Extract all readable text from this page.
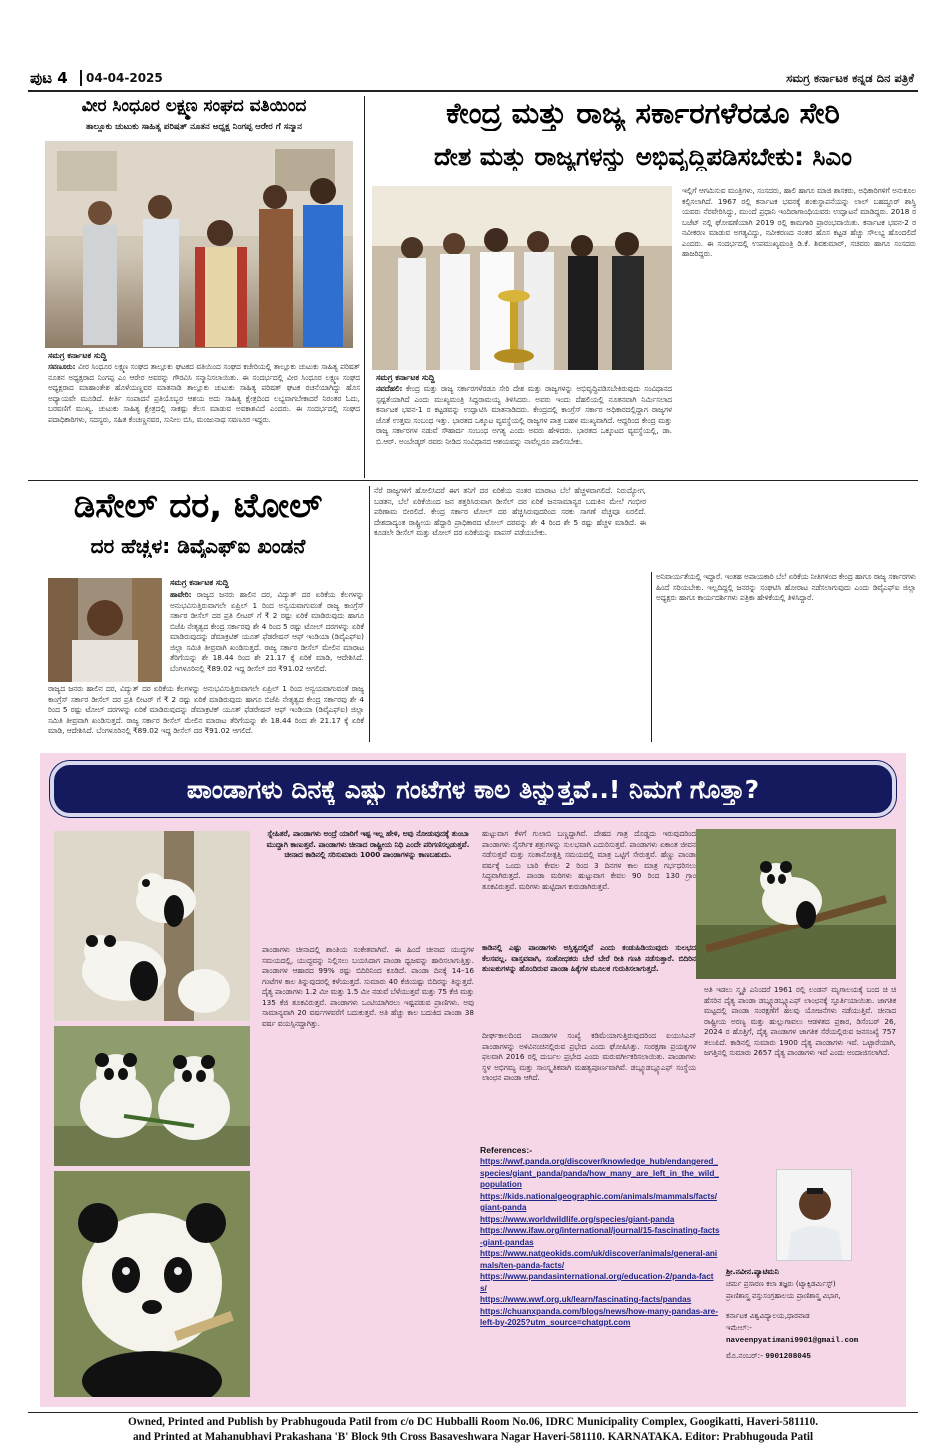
ಪುಟ 4 04-04-2025	ಸಮಗ್ರ ಕರ್ನಾಟಕ ಕನ್ನಡ ದಿನ ಪತ್ರಿಕೆ
ವೀರ ಸಿಂಧೂರ ಲಕ್ಷ್ಮಣ ಸಂಘದ ವತಿಯಿಂದ
ತಾಲ್ಲೂಕು ಚುಟುಕು ಸಾಹಿತ್ಯ ಪರಿಷತ್ ನೂತನ ಅಧ್ಯಕ್ಷ ನಿಂಗಪ್ಪ ಆರೇರ ಗೆ ಸನ್ಮಾನ
ಸಮಗ್ರ ಕರ್ನಾಟಕ ಸುದ್ದಿ
ಸವಣೂರು: ವೀರ ಸಿಂಧೂರ ಲಕ್ಷ್ಮಣ ಸಂಘದ ತಾಲ್ಲೂಕು ಘಟಕದ ವತಿಯಿಂದ ಸಂಘದ ಕಚೇರಿಯಲ್ಲಿ ತಾಲ್ಲೂಕು ಚುಟುಕು ಸಾಹಿತ್ಯ ಪರಿಷತ್ ನೂತನ ಅಧ್ಯಕ್ಷರಾದ ನಿಂಗಪ್ಪ ಎಂ ಆರೇರ ಅವರನ್ನು ಗೌರವಿಸಿ ಸನ್ಮಾನಿಸಲಾಯಿತು. ಈ ಸಂದರ್ಭದಲ್ಲಿ ವೀರ ಸಿಂಧೂರ ಲಕ್ಷ್ಮಣ ಸಂಘದ ಅಧ್ಯಕ್ಷರಾದ ಮಾಹಾಂತೇಶ ಹೊಳೆಯಣ್ಣವರ ಮಾತನಾಡಿ ತಾಲ್ಲೂಕು ಚುಟುಕು ಸಾಹಿತ್ಯ ಪರಿಷತ್ ಘಟಕ ರಚನೆಯಾಗಿದ್ದು ಹೊಸ ಅಧ್ಯಾಯವೇ ಮೂಡಿದೆ. ಕೀರ್ತಿ ಸಂಪಾದನೆ ಪ್ರತಿಯೊಬ್ಬರ ಆಶಯ ಅದು ಸಾಹಿತ್ಯ ಕ್ಷೇತ್ರದಿಂದ ಲಭ್ಯವಾಗಬೇಕಾದರೆ ನಿರಂತರ ಓದು, ಬರವಣಿಗೆ ಮುಖ್ಯ. ಚುಟುಕು ಸಾಹಿತ್ಯ ಕ್ಷೇತ್ರದಲ್ಲಿ ಸಾಕಷ್ಟು ಕೆಲಸ ಮಾಡುವ ಅವಕಾಶವಿದೆ ಎಂದರು. ಈ ಸಂದರ್ಭದಲ್ಲಿ ಸಂಘದ ಪದಾಧಿಕಾರಿಗಳು, ಸದಸ್ಯರು, ಸಹಿತ ಕೆಂಚಣ್ಣನವರ, ಸುನೀಲ ಬಿಸಿ, ಮಂಜುನಾಥ ಸವಣೂರ ಇದ್ದರು.
ಕೇಂದ್ರ ಮತ್ತು ರಾಜ್ಯ ಸರ್ಕಾರಗಳೆರಡೂ ಸೇರಿ
ದೇಶ ಮತ್ತು ರಾಜ್ಯಗಳನ್ನು ಅಭಿವೃದ್ಧಿಪಡಿಸಬೇಕು: ಸಿಎಂ
ಸಮಗ್ರ ಕರ್ನಾಟಕ ಸುದ್ದಿ
ನವದೆಹಲಿ: ಕೇಂದ್ರ ಮತ್ತು ರಾಜ್ಯ ಸರ್ಕಾರಗಳೆರಡೂ ಸೇರಿ ದೇಶ ಮತ್ತು ರಾಜ್ಯಗಳನ್ನು ಅಭಿವೃದ್ಧಿಪಡಿಸಬೇಕಿರುವುದು ಸಂವಿಧಾನದ ಸ್ಪಷ್ಟತೆಯಾಗಿದೆ ಎಂದು ಮುಖ್ಯಮಂತ್ರಿ ಸಿದ್ದರಾಮಯ್ಯ ತಿಳಿಸಿದರು. ಅವರು ಇಂದು ದೆಹಲಿಯಲ್ಲಿ ನೂತನವಾಗಿ ನಿರ್ಮಿಸಲಾದ ಕರ್ನಾಟಕ ಭವನ-1 ರ ಕಟ್ಟಡವನ್ನು ಉದ್ಘಾಟಿಸಿ ಮಾತನಾಡಿದರು. ಕೇಂದ್ರದಲ್ಲಿ ಕಾಂಗ್ರೆಸ್ ಸರ್ಕಾರ ಅಧಿಕಾರದಲ್ಲಿದ್ದಾಗ ರಾಜ್ಯಗಳ ಜೊತೆ ಉತ್ತಮ ಸಂಬಂಧ ಇತ್ತು. ಭಾರತದ ಒಕ್ಕೂಟ ವ್ಯವಸ್ಥೆಯಲ್ಲಿ ರಾಜ್ಯಗಳ ಪಾತ್ರ ಬಹಳ ಮುಖ್ಯವಾಗಿದೆ. ಆದ್ದರಿಂದ ಕೇಂದ್ರ ಮತ್ತು ರಾಜ್ಯ ಸರ್ಕಾರಗಳ ನಡುವೆ ಸೌಹಾರ್ದ ಸಂಬಂಧ ಅಗತ್ಯ ಎಂದು ಅವರು ಹೇಳಿದರು. ಭಾರತದ ಒಕ್ಕೂಟದ ವ್ಯವಸ್ಥೆಯಲ್ಲಿ, ಡಾ. ಬಿ.ಆರ್. ಅಂಬೇಡ್ಕರ್ ರವರು ನೀಡಿದ ಸಂವಿಧಾನದ ಆಶಯವನ್ನು ನಾವೆಲ್ಲರೂ ಪಾಲಿಸಬೇಕು.
ಇಲ್ಲಿಗೆ ಆಗಮಿಸುವ ಮಂತ್ರಿಗಳು, ಸಂಸದರು, ಹಾಲಿ ಹಾಗೂ ಮಾಜಿ ಶಾಸಕರು, ಅಧಿಕಾರಿಗಳಿಗೆ ಅನುಕೂಲ ಕಲ್ಪಿಸಲಾಗಿದೆ. 1967 ರಲ್ಲಿ ಕರ್ನಾಟಕ ಭವನಕ್ಕೆ ಶಂಕುಸ್ಥಾಪನೆಯನ್ನು ಲಾಲ್ ಬಹದ್ದೂರ್ ಶಾಸ್ತ್ರಿ ಯವರು ನೆರವೇರಿಸಿದ್ದು, ಮುಂದೆ ಪ್ರಧಾನಿ ಇಂದಿರಾಗಾಂಧಿಯವರು ಉದ್ಘಾಟನೆ ಮಾಡಿದ್ದರು. 2018 ರ ಬಜೆಟ್ ನಲ್ಲಿ ಘೋಷಣೆಯಾಗಿ 2019 ರಲ್ಲಿ ಕಾಮಗಾರಿ ಪ್ರಾರಂಭವಾಯಿತು. ಕರ್ನಾಟಕ ಭವನ-2 ರ ನವೀಕರಣ ಮಾಡುವ ಅಗತ್ಯವಿದ್ದು, ನವೀಕರಣದ ನಂತರ ಹೊಸ ಕಟ್ಟಡ ಹೆಚ್ಚು ಸೌಲಭ್ಯ ಹೊಂದಲಿದೆ ಎಂದರು. ಈ ಸಂದರ್ಭದಲ್ಲಿ ಉಪಮುಖ್ಯಮಂತ್ರಿ ಡಿ.ಕೆ. ಶಿವಕುಮಾರ್, ಸಚಿವರು ಹಾಗೂ ಸಂಸದರು ಹಾಜರಿದ್ದರು.
ಡಿಸೇಲ್ ದರ, ಟೋಲ್
ದರ ಹೆಚ್ಚಳ: ಡಿವೈಎಫ್‌ಐ ಖಂಡನೆ
ಸಮಗ್ರ ಕರ್ನಾಟಕ ಸುದ್ದಿ
ಹಾವೇರಿ: ರಾಜ್ಯದ ಜನರು ಹಾಲಿನ ದರ, ವಿದ್ಯುತ್ ದರ ಏರಿಕೆಯ ಕೆಲಗಳನ್ನು ಅನುಭವಿಸುತ್ತಿರುವಾಗಲೇ ಏಪ್ರಿಲ್ 1 ರಿಂದ ಅನ್ವಯವಾಗುವಂತೆ ರಾಜ್ಯ ಕಾಂಗ್ರೆಸ್ ಸರ್ಕಾರ ಡೀಸೆಲ್ ದರ ಪ್ರತಿ ಲೀಟರ್ ಗೆ ₹ 2 ರಷ್ಟು ಏರಿಕೆ ಮಾಡಿರುವುದು ಹಾಗೂ ಬಿಜೆಪಿ ನೇತೃತ್ವದ ಕೇಂದ್ರ ಸರ್ಕಾರವು ಶೇ 4 ರಿಂದ 5 ರಷ್ಟು ಟೋಲ್ ದರಗಳನ್ನು ಏರಿಕೆ ಮಾಡಿರುವುದನ್ನು ಡೆಮಾಕ್ರಟಿಕ್ ಯೂತ್ ಫೆಡರೇಷನ್ ಆಫ್ ಇಂಡಿಯಾ (ಡಿವೈಎಫ್‌ಐ) ಜಿಲ್ಲಾ ಸಮಿತಿ ತೀವ್ರವಾಗಿ ಖಂಡಿಸುತ್ತದೆ. ರಾಜ್ಯ ಸರ್ಕಾರ ಡೀಸೆಲ್ ಮೇಲಿನ ಮಾರಾಟ ತೆರಿಗೆಯನ್ನು ಶೇ 18.44 ರಿಂದ ಶೇ 21.17 ಕ್ಕೆ ಏರಿಕೆ ಮಾಡಿ, ಆದೇಶಿಸಿದೆ. ಬೆಂಗಳೂರಿನಲ್ಲಿ ₹89.02 ಇದ್ದ ಡೀಸೆಲ್ ದರ ₹91.02 ಆಗಲಿದೆ.
ರಾಜ್ಯದ ಜನರು ಹಾಲಿನ ದರ, ವಿದ್ಯುತ್ ದರ ಏರಿಕೆಯ ಕೆಲಗಳನ್ನು ಅನುಭವಿಸುತ್ತಿರುವಾಗಲೇ ಏಪ್ರಿಲ್ 1 ರಿಂದ ಅನ್ವಯವಾಗುವಂತೆ ರಾಜ್ಯ ಕಾಂಗ್ರೆಸ್ ಸರ್ಕಾರ ಡೀಸೆಲ್ ದರ ಪ್ರತಿ ಲೀಟರ್ ಗೆ ₹ 2 ರಷ್ಟು ಏರಿಕೆ ಮಾಡಿರುವುದು ಹಾಗೂ ಬಿಜೆಪಿ ನೇತೃತ್ವದ ಕೇಂದ್ರ ಸರ್ಕಾರವು ಶೇ 4 ರಿಂದ 5 ರಷ್ಟು ಟೋಲ್ ದರಗಳನ್ನು ಏರಿಕೆ ಮಾಡಿರುವುದನ್ನು ಡೆಮಾಕ್ರಟಿಕ್ ಯೂತ್ ಫೆಡರೇಷನ್ ಆಫ್ ಇಂಡಿಯಾ (ಡಿವೈಎಫ್‌ಐ) ಜಿಲ್ಲಾ ಸಮಿತಿ ತೀವ್ರವಾಗಿ ಖಂಡಿಸುತ್ತದೆ. ರಾಜ್ಯ ಸರ್ಕಾರ ಡೀಸೆಲ್ ಮೇಲಿನ ಮಾರಾಟ ತೆರಿಗೆಯನ್ನು ಶೇ 18.44 ರಿಂದ ಶೇ 21.17 ಕ್ಕೆ ಏರಿಕೆ ಮಾಡಿ, ಆದೇಶಿಸಿದೆ. ಬೆಂಗಳೂರಿನಲ್ಲಿ ₹89.02 ಇದ್ದ ಡೀಸೆಲ್ ದರ ₹91.02 ಆಗಲಿದೆ.
ನೆರೆ ರಾಜ್ಯಗಳಿಗೆ ಹೋಲಿಸಿದರೆ ಈಗ ತನಿಗೆ ದರ ಏರಿಕೆಯ ನಂತರ ಮಾರಾಟ ಬೆಲೆ ಹೆಚ್ಚಳವಾಗಲಿದೆ. ನಿರುದ್ಯೋಗ, ಬಡತನ, ಬೆಲೆ ಏರಿಕೆಯಿಂದ ಜನ ತತ್ತರಿಸಿರುವಾಗ ಡೀಸೆಲ್ ದರ ಏರಿಕೆ ಜನಸಾಮಾನ್ಯರ ಬದುಕಿನ ಮೇಲೆ ಗಂಭೀರ ಪರಿಣಾಮ ಬೀರಲಿದೆ. ಕೇಂದ್ರ ಸರ್ಕಾರ ಟೋಲ್ ದರ ಹೆಚ್ಚಿಸಿರುವುದರಿಂದ ಸರಕು ಸಾಗಣೆ ವೆಚ್ಚವೂ ಏರಲಿದೆ. ದೇಶದಾದ್ಯಂತ ರಾಷ್ಟ್ರೀಯ ಹೆದ್ದಾರಿ ಪ್ರಾಧಿಕಾರದ ಟೋಲ್ ದರವನ್ನು ಶೇ 4 ರಿಂದ ಶೇ 5 ರಷ್ಟು ಹೆಚ್ಚಳ ಮಾಡಿದೆ. ಈ ಕೂಡಲೇ ಡೀಸೆಲ್ ಮತ್ತು ಟೋಲ್ ದರ ಏರಿಕೆಯನ್ನು ವಾಪಸ್ ಪಡೆಯಬೇಕು.
ಅನಿವಾರ್ಯತೆಯಲ್ಲಿ ಇದ್ದಾರೆ. ಇಂತಹ ಅಪಾಯಕಾರಿ ಬೆಲೆ ಏರಿಕೆಯ ನೀತಿಗಳಿಂದ ಕೇಂದ್ರ ಹಾಗೂ ರಾಜ್ಯ ಸರ್ಕಾರಗಳು ಹಿಂದೆ ಸರಿಯಬೇಕು. ಇಲ್ಲದಿದ್ದಲ್ಲಿ ಜನರನ್ನು ಸಂಘಟಿಸಿ ಹೋರಾಟ ನಡೆಸಲಾಗುವುದು ಎಂದು ಡಿವೈಎಫ್‌ಐ ಜಿಲ್ಲಾ ಅಧ್ಯಕ್ಷರು ಹಾಗೂ ಕಾರ್ಯದರ್ಶಿಗಳು ಪತ್ರಿಕಾ ಹೇಳಿಕೆಯಲ್ಲಿ ತಿಳಿಸಿದ್ದಾರೆ.
ಪಾಂಡಾಗಳು ದಿನಕ್ಕೆ ಎಷ್ಟು ಗಂಟೆಗಳ ಕಾಲ ತಿನ್ನುತ್ತವೆ..! ನಿಮಗೆ ಗೊತ್ತಾ?
ಸ್ನೇಹಿತರೆ, ಪಾಂಡಾಗಳು ಅಂದ್ರೆ ಯಾರಿಗೆ ಇಷ್ಟ ಇಲ್ಲ ಹೇಳಿ, ಅವು ನೋಡುವುದಕ್ಕೆ ತುಂಬಾ ಮುದ್ದಾಗಿ ಕಾಣುತ್ತವೆ. ಪಾಂಡಾಗಳು ಚೀನಾದ ರಾಷ್ಟ್ರೀಯ ನಿಧಿ ಎಂದೇ ಪರಿಗಣಿಸಲ್ಪಡುತ್ತವೆ. ಚೀನಾದ ಕಾಡಿನಲ್ಲಿ ಸರಿಸುಮಾರು 1000 ಪಾಂಡಾಗಳನ್ನು ಕಾಣಬಹುದು.
ಪಾಂಡಾಗಳು ಚೀನಾದಲ್ಲಿ ಶಾಂತಿಯ ಸಂಕೇತವಾಗಿವೆ. ಈ ಹಿಂದೆ ಚೀನಾದ ಯುದ್ಧಗಳ ಸಮಯದಲ್ಲಿ, ಯುದ್ಧವನ್ನು ನಿಲ್ಲಿಸಲು ಬಯಸಿದಾಗ ಪಾಂಡಾ ಧ್ವಜವನ್ನು ಹಾರಿಸಲಾಗುತ್ತಿತ್ತು. ಪಾಂಡಾಗಳ ಆಹಾರದ 99% ರಷ್ಟು ಬಿದಿರಿನಿಂದ ಕೂಡಿದೆ. ಪಾಂಡಾ ದಿನಕ್ಕೆ 14–16 ಗಂಟೆಗಳ ಕಾಲ ತಿನ್ನುವುದರಲ್ಲಿ ಕಳೆಯುತ್ತದೆ. ಸುಮಾರು 40 ಕೆಜಿಯಷ್ಟು ಬಿದಿರನ್ನು ತಿನ್ನುತ್ತದೆ. ದೈತ್ಯ ಪಾಂಡಾಗಳು 1.2 ಮೀ ಮತ್ತು 1.5 ಮೀ ನಡುವೆ ಬೆಳೆಯುತ್ತವೆ ಮತ್ತು 75 ಕೆಜಿ ಮತ್ತು 135 ಕೆಜಿ ತೂಕವಿರುತ್ತವೆ. ಪಾಂಡಾಗಳು ಒಂಟಿಯಾಗಿರಲು ಇಷ್ಟಪಡುವ ಪ್ರಾಣಿಗಳು. ಅವು ಸಾಮಾನ್ಯವಾಗಿ 20 ವರ್ಷಗಳವರೆಗೆ ಬದುಕುತ್ತವೆ. ಅತಿ ಹೆಚ್ಚು ಕಾಲ ಬದುಕಿದ ಪಾಂಡಾ 38 ವರ್ಷ ವಯಸ್ಸಿನದ್ದಾಗಿತ್ತು.
ಹುಟ್ಟುವಾಗ ಕೆಳಗೆ ಗುಲಾಬಿ ಬಣ್ಣದ್ದಾಗಿವೆ. ದೇಹದ ಗಾತ್ರ ದೊಡ್ಡದು ಇರುವುದರಿಂದ ಪಾಂಡಾಗಳು ನೈಸರ್ಗಿಕ ಶತ್ರುಗಳನ್ನು ಸುಲಭವಾಗಿ ಎದುರಿಸುತ್ತವೆ. ಪಾಂಡಾಗಳು ಏಕಾಂತ ಜೀವನ ನಡೆಸುತ್ತವೆ ಮತ್ತು ಸಂತಾನೋತ್ಪತ್ತಿ ಸಮಯದಲ್ಲಿ ಮಾತ್ರ ಒಟ್ಟಿಗೆ ಸೇರುತ್ತವೆ. ಹೆಣ್ಣು ಪಾಂಡಾ ವರ್ಷಕ್ಕೆ ಒಂದು ಬಾರಿ ಕೇವಲ 2 ರಿಂದ 3 ದಿನಗಳ ಕಾಲ ಮಾತ್ರ ಗರ್ಭಧರಿಸಲು ಸಿದ್ಧವಾಗಿರುತ್ತದೆ. ಪಾಂಡಾ ಮರಿಗಳು ಹುಟ್ಟುವಾಗ ಕೇವಲ 90 ರಿಂದ 130 ಗ್ರಾಂ ತೂಕವಿರುತ್ತವೆ. ಮರಿಗಳು ಹುಟ್ಟಿದಾಗ ಕುರುಡಾಗಿರುತ್ತವೆ.
ಕಾಡಿನಲ್ಲಿ ಎಷ್ಟು ಪಾಂಡಾಗಳು ಅಸ್ತಿತ್ವದಲ್ಲಿವೆ ಎಂದು ಕಂಡುಹಿಡಿಯುವುದು ಸುಲಭದ ಕೆಲಸವಲ್ಲ. ವಾಸ್ತವವಾಗಿ, ಸಂಶೋಧಕರು ಬೇರೆ ಬೇರೆ ರೀತಿ ಗಣತಿ ನಡೆಸುತ್ತಾರೆ. ಬಿದಿರಿನ ತುಣುಕುಗಳನ್ನು ಹೊಂದಿರುವ ಪಾಂಡಾ ಹಿಕ್ಕೆಗಳ ಮೂಲಕ ಗುರುತಿಸಲಾಗುತ್ತದೆ.
ದೀರ್ಘಕಾಲದಿಂದ ಪಾಂಡಾಗಳ ಸಂಖ್ಯೆ ಕಡಿಮೆಯಾಗುತ್ತಿರುವುದರಿಂದ ಐಯುಸಿಎನ್ ಪಾಂಡಾಗಳನ್ನು ಅಳಿವಿನಂಚಿನಲ್ಲಿರುವ ಪ್ರಭೇದ ಎಂದು ಘೋಷಿಸಿತ್ತು. ಸಂರಕ್ಷಣಾ ಪ್ರಯತ್ನಗಳ ಫಲವಾಗಿ 2016 ರಲ್ಲಿ ದುರ್ಬಲ ಪ್ರಭೇದ ಎಂದು ಮರುವರ್ಗೀಕರಿಸಲಾಯಿತು. ಪಾಂಡಾಗಳು ಸ್ಥಳ ಅಭಿಗಮ್ಯ ಮತ್ತು ಸಾಂಸ್ಕೃತಿಕವಾಗಿ ಮಹತ್ವಪೂರ್ಣವಾಗಿವೆ. ಡಬ್ಲ್ಯೂಡಬ್ಲ್ಯೂಎಫ್ ಸಂಸ್ಥೆಯ ಲಾಂಛನ ಪಾಂಡಾ ಆಗಿದೆ.
References:-
https://wwf.panda.org/discover/knowledge_hub/endangered_species/giant_panda/panda/how_many_are_left_in_the_wild_population
https://kids.nationalgeographic.com/animals/mammals/facts/giant-panda
https://www.worldwildlife.org/species/giant-panda
https://www.ifaw.org/international/journal/15-fascinating-facts-giant-pandas
https://www.natgeokids.com/uk/discover/animals/general-animals/ten-panda-facts/
https://www.pandasinternational.org/education-2/panda-facts/
https://www.wwf.org.uk/learn/fascinating-facts/pandas
https://chuanxpanda.com/blogs/news/how-many-pandas-are-left-by-2025?utm_source=chatgpt.com
ಅತಿ ಇಡಲು ಸ್ಮೃತಿ ಎನಿಂದರೆ 1961 ರಲ್ಲಿ ಲಂಡನ್ ಮೃಗಾಲಯಕ್ಕೆ ಬಂದ ಚಿ ಚಿ ಹೆಸರಿನ ದೈತ್ಯ ಪಾಂಡಾ ಡಬ್ಲ್ಯೂಡಬ್ಲ್ಯೂಎಫ್ ಲಾಂಛನಕ್ಕೆ ಸ್ಫೂರ್ತಿಯಾಯಿತು. ಜಾಗತಿಕ ಮಟ್ಟದಲ್ಲಿ ಪಾಂಡಾ ಸಂರಕ್ಷಣೆಗೆ ಹಲವು ಯೋಜನೆಗಳು ನಡೆಯುತ್ತಿವೆ. ಚೀನಾದ ರಾಷ್ಟ್ರೀಯ ಅರಣ್ಯ ಮತ್ತು ಹುಲ್ಲುಗಾವಲು ಆಡಳಿತದ ಪ್ರಕಾರ, ಡಿಸೆಂಬರ್ 26, 2024 ರ ಹೊತ್ತಿಗೆ, ದೈತ್ಯ ಪಾಂಡಾಗಳ ಜಾಗತಿಕ ಸೆರೆಯಲ್ಲಿರುವ ಜನಸಂಖ್ಯೆ 757 ತಲುಪಿದೆ. ಕಾಡಿನಲ್ಲಿ ಸುಮಾರು 1900 ದೈತ್ಯ ಪಾಂಡಾಗಳು ಇವೆ. ಒಟ್ಟಾರೆಯಾಗಿ, ಜಗತ್ತಿನಲ್ಲಿ ಸುಮಾರು 2657 ದೈತ್ಯ ಪಾಂಡಾಗಳು ಇವೆ ಎಂದು ಅಂದಾಜಿಸಲಾಗಿದೆ.
ಶ್ರೀ.ನವೀನ.ಪ್ಯಾಟಿಮನಿ
ಚರ್ಮ ಪ್ರಸಾರಣ ಕಲಾ ತಜ್ಞರು (ಟ್ಯಾಕ್ಸಿಡರ್ಮಿಸ್ಟ್)
ಪ್ರಾಣಿಶಾಸ್ತ್ರ ವಸ್ತುಸಂಗ್ರಹಾಲಯ ಪ್ರಾಣಿಶಾಸ್ತ್ರ ವಿಭಾಗ,
ಕರ್ನಾಟಕ ವಿಶ್ವವಿದ್ಯಾಲಯ,ಧಾರವಾಡ
ಇಮೇಲ್:-
naveenpyatimani9901@gmail.com
ಮೊ.ನಂಬರ್:- 9901208045
Owned, Printed and Publish by Prabhugouda Patil from c/o DC Hubballi Room No.06, IDRC Municipality Complex, Googikatti, Haveri-581110.
and Printed at Mahanubhavi Prakashana 'B' Block 9th Cross Basaveshwara Nagar Haveri-581110. KARNATAKA. Editor: Prabhugouda Patil
